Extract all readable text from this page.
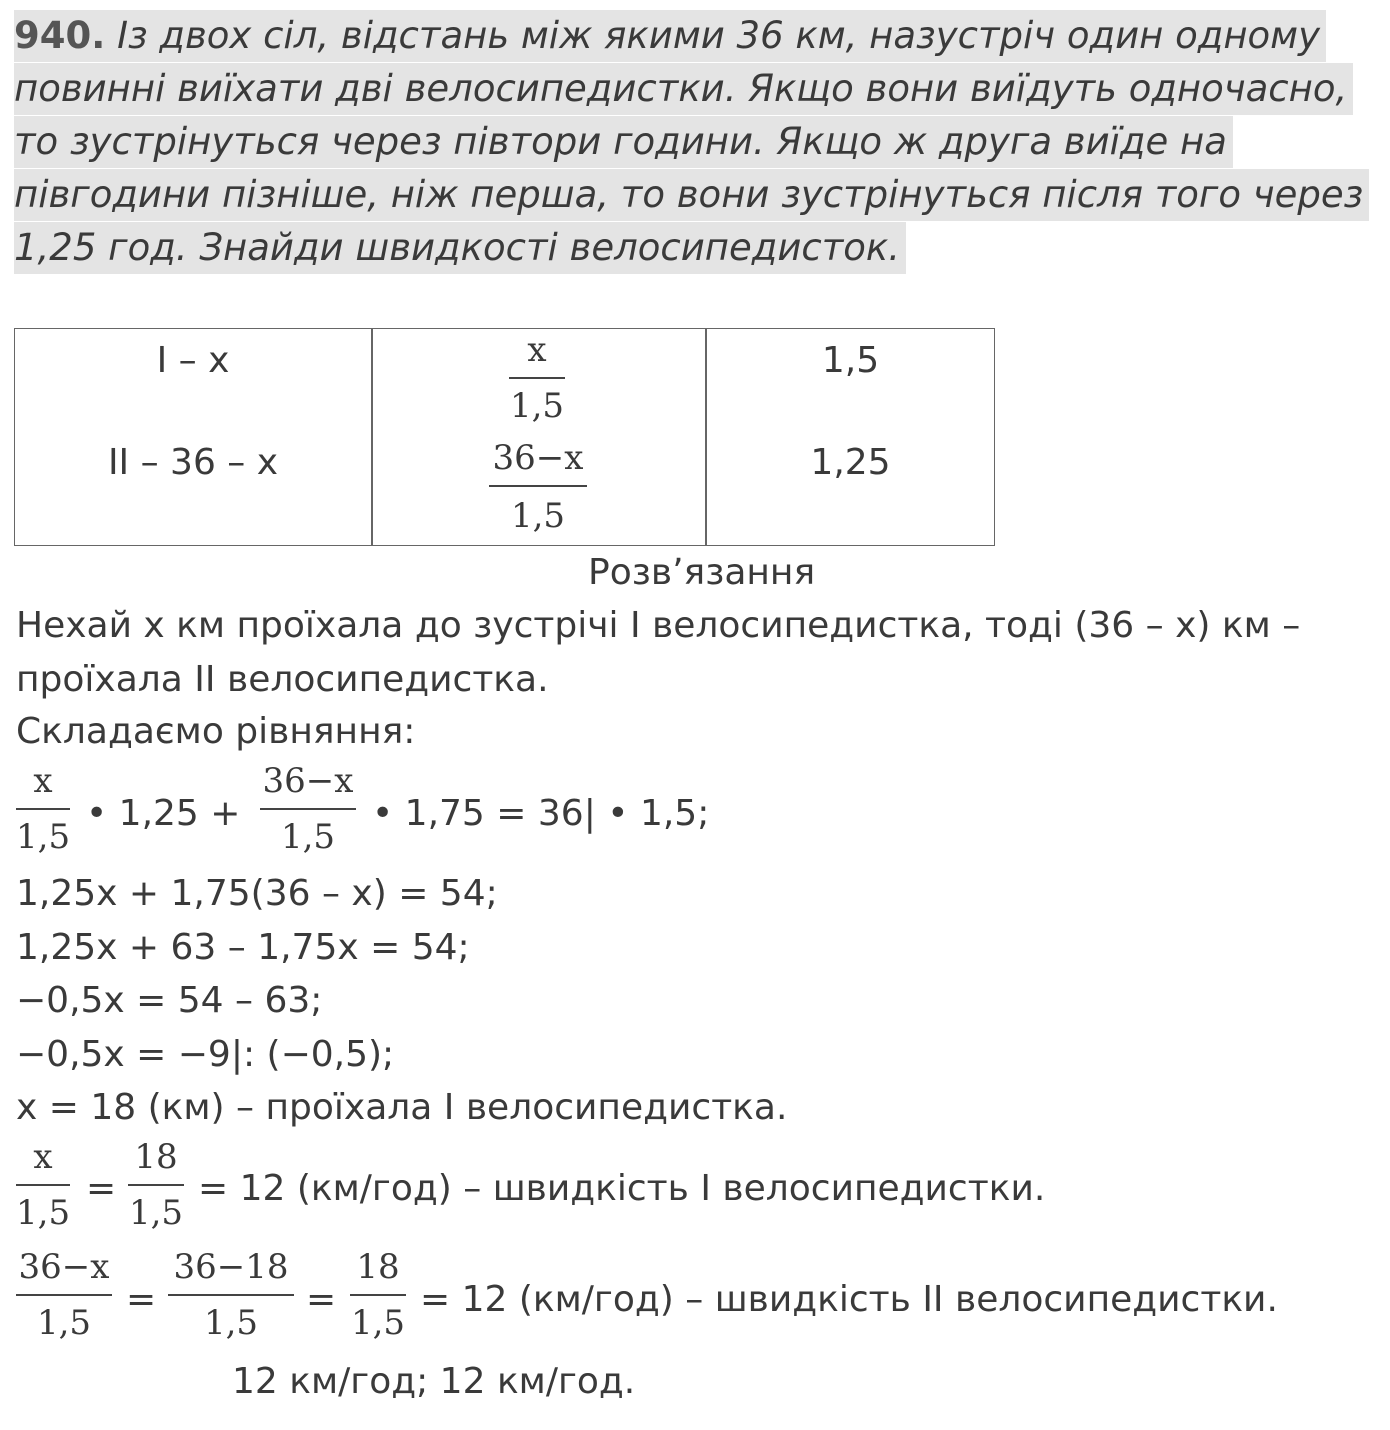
940. Із двох сіл, відстань між якими 36 км, назустріч один одному
повинні виїхати дві велосипедистки. Якщо вони виїдуть одночасно,
то зустрінуться через півтори години. Якщо ж друга виїде на
півгодини пізніше, ніж перша, то вони зустрінуться після того через
1,25 год. Знайди швидкості велосипедисток.
I – x
II – 36 – x
x
1,5
36−x
1,5
1,5
1,25
Розв’язання
Нехай x км проїхала до зустрічі I велосипедистка, тоді (36 – x) км –
проїхала II велосипедистка.
Складаємо рівняння:
x
1,5
• 1,25 +
36−x
1,5
• 1,75 = 36| • 1,5;
1,25x + 1,75(36 – x) = 54;
1,25x + 63 – 1,75x = 54;
−0,5x = 54 – 63;
−0,5x = −9|: (−0,5);
x = 18 (км) – проїхала I велосипедистка.
x
1,5
=
18
1,5
= 12 (км/год) – швидкість I велосипедистки.
36−x
1,5
=
36−18
1,5
=
18
1,5
= 12 (км/год) – швидкість II велосипедистки.
12 км/год; 12 км/год.
